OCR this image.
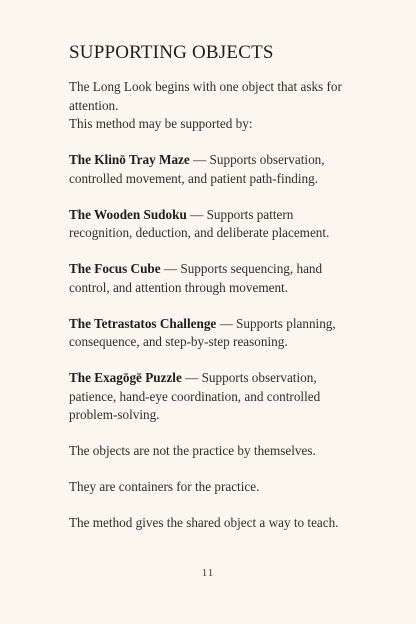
SUPPORTING OBJECTS

The Long Look begins with one object that asks for attention.

This method may be supported by:

The Klinō Tray Maze — Supports observation, controlled movement, and patient path-finding.

The Wooden Sudoku — Supports pattern recognition, deduction, and deliberate placement.

The Focus Cube — Supports sequencing, hand control, and attention through movement.

The Tetrastatos Challenge — Supports planning, consequence, and step-by-step reasoning.

The Exagōgē Puzzle — Supports observation, patience, hand-eye coordination, and controlled problem-solving.

The objects are not the practice by themselves.

They are containers for the practice.

The method gives the shared object a way to teach.

11
